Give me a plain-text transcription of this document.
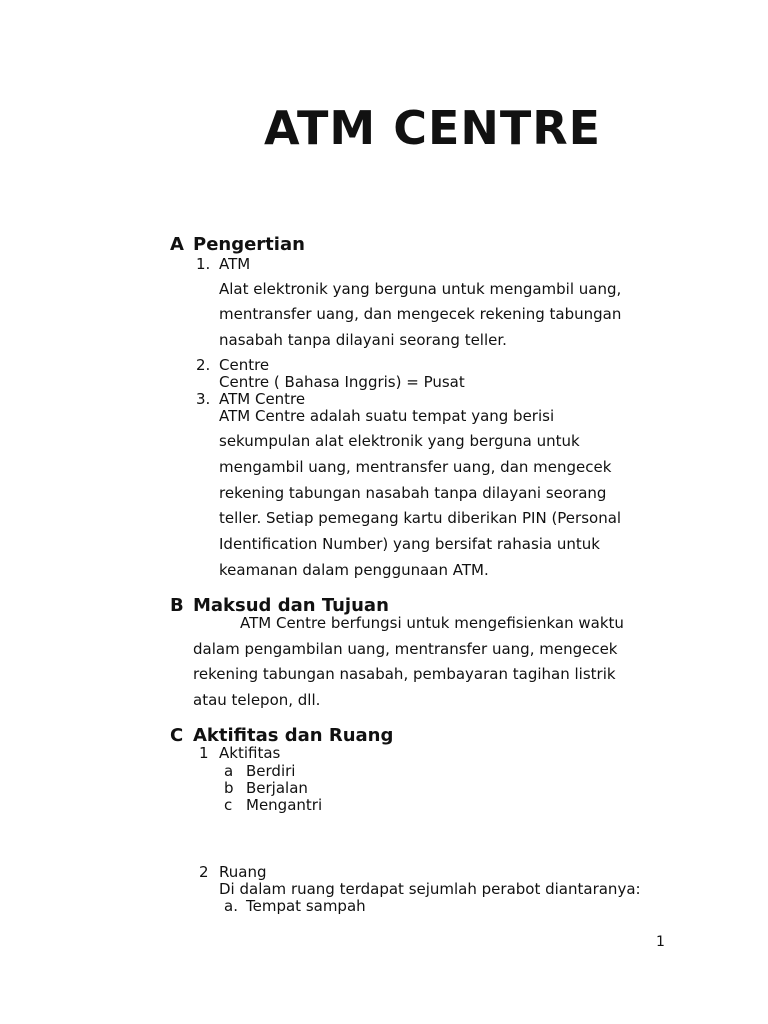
ATM CENTRE
A Pengertian
1. ATM
Alat elektronik yang berguna untuk mengambil uang,
mentransfer uang, dan mengecek rekening tabungan
nasabah tanpa dilayani seorang teller.
2. Centre
Centre ( Bahasa Inggris) = Pusat
3. ATM Centre
ATM Centre adalah suatu tempat yang berisi
sekumpulan alat elektronik yang berguna untuk
mengambil uang, mentransfer uang, dan mengecek
rekening tabungan nasabah tanpa dilayani seorang
teller. Setiap pemegang kartu diberikan PIN (Personal
Identification Number) yang bersifat rahasia untuk
keamanan dalam penggunaan ATM.
B Maksud dan Tujuan
ATM Centre berfungsi untuk mengefisienkan waktu
dalam pengambilan uang, mentransfer uang, mengecek
rekening tabungan nasabah, pembayaran tagihan listrik
atau telepon, dll.
C Aktifitas dan Ruang
1 Aktifitas
a Berdiri
b Berjalan
c Mengantri
2 Ruang
Di dalam ruang terdapat sejumlah perabot diantaranya:
a. Tempat sampah
1
